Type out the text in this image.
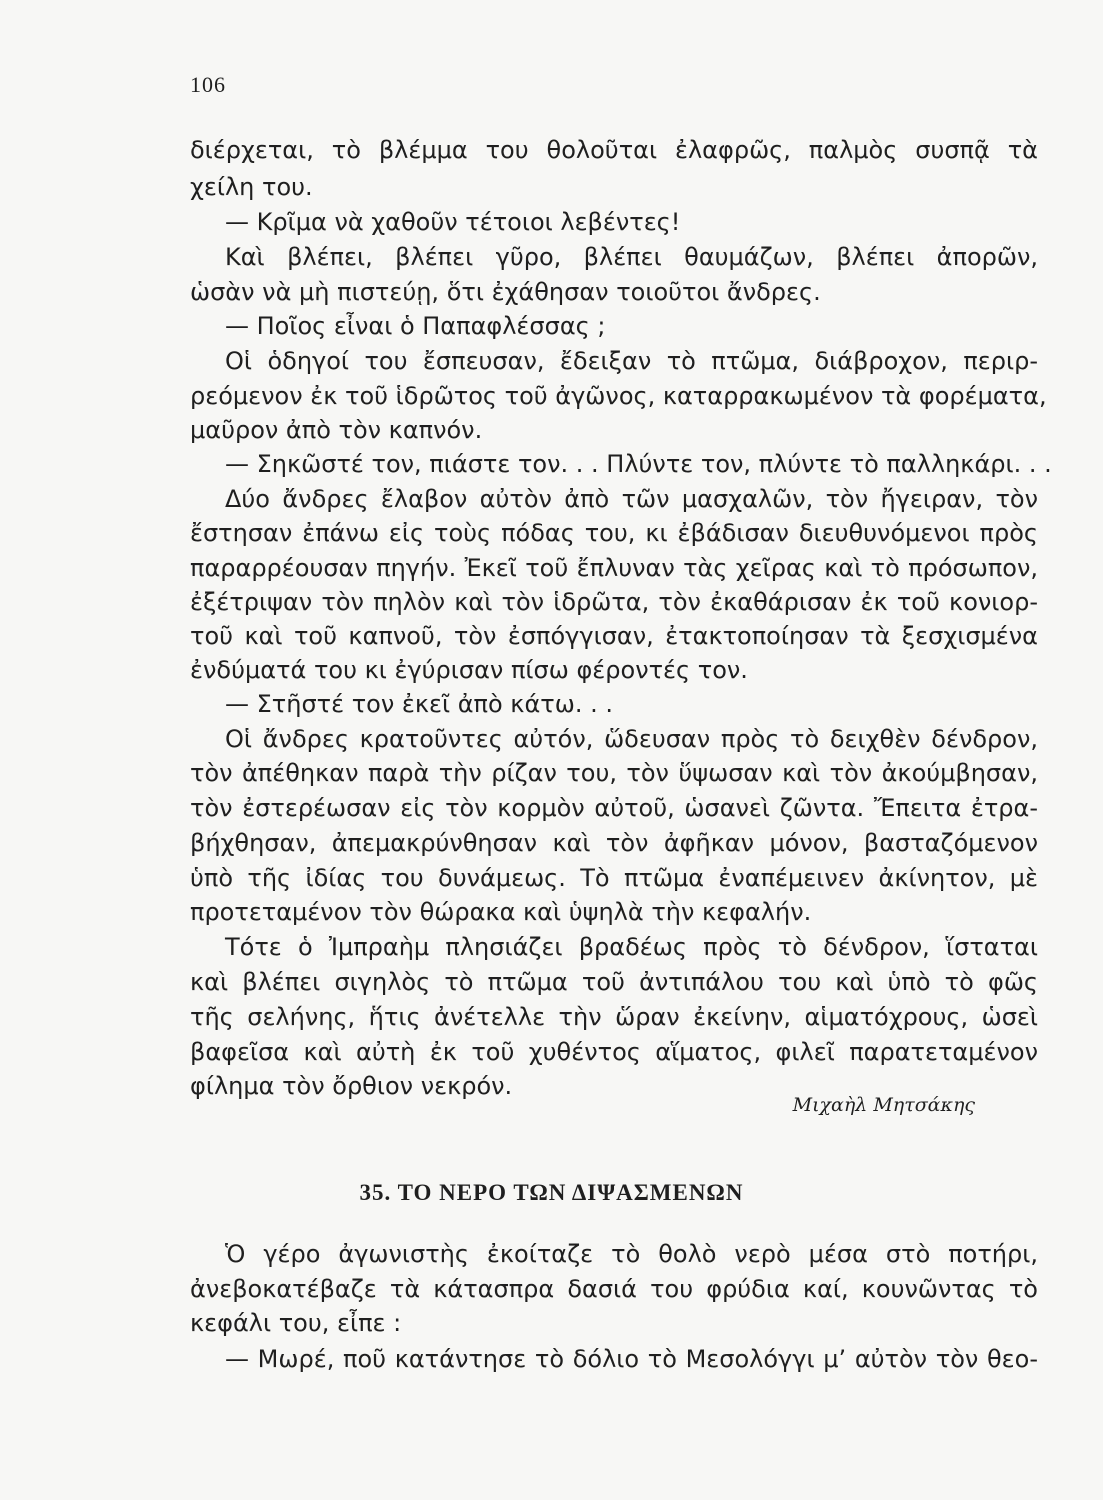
106
διέρχεται, τὸ βλέμμα του θολοῦται ἐλαφρῶς, παλμὸς συσπᾷ τὰ
χείλη του.
— Κρῖμα νὰ χαθοῦν τέτοιοι λεβέντες!
Καὶ βλέπει, βλέπει γῦρο, βλέπει θαυμάζων, βλέπει ἀπορῶν,
ὡσὰν νὰ μὴ πιστεύῃ, ὅτι ἐχάθησαν τοιοῦτοι ἄνδρες.
— Ποῖος εἶναι ὁ Παπαφλέσσας ;
Οἱ ὁδηγοί του ἔσπευσαν, ἔδειξαν τὸ πτῶμα, διάβροχον, περιρ-
ρεόμενον ἐκ τοῦ ἱδρῶτος τοῦ ἀγῶνος, καταρρακωμένον τὰ φορέματα,
μαῦρον ἀπὸ τὸν καπνόν.
— Σηκῶστέ τον, πιάστε τον. . . Πλύντε τον, πλύντε τὸ παλληκάρι. . .
Δύο ἄνδρες ἔλαβον αὐτὸν ἀπὸ τῶν μασχαλῶν, τὸν ἤγειραν, τὸν
ἔστησαν ἐπάνω εἰς τοὺς πόδας του, κι ἐβάδισαν διευθυνόμενοι πρὸς
παραρρέουσαν πηγήν. Ἐκεῖ τοῦ ἔπλυναν τὰς χεῖρας καὶ τὸ πρόσωπον,
ἐξέτριψαν τὸν πηλὸν καὶ τὸν ἱδρῶτα, τὸν ἐκαθάρισαν ἐκ τοῦ κονιορ-
τοῦ καὶ τοῦ καπνοῦ, τὸν ἐσπόγγισαν, ἐτακτοποίησαν τὰ ξεσχισμένα
ἐνδύματά του κι ἐγύρισαν πίσω φέροντές τον.
— Στῆστέ τον ἐκεῖ ἀπὸ κάτω. . .
Οἱ ἄνδρες κρατοῦντες αὐτόν, ὥδευσαν πρὸς τὸ δειχθὲν δένδρον,
τὸν ἀπέθηκαν παρὰ τὴν ρίζαν του, τὸν ὕψωσαν καὶ τὸν ἀκούμβησαν,
τὸν ἐστερέωσαν εἰς τὸν κορμὸν αὐτοῦ, ὡσανεὶ ζῶντα. Ἔπειτα ἐτρα-
βήχθησαν, ἀπεμακρύνθησαν καὶ τὸν ἀφῆκαν μόνον, βασταζόμενον
ὑπὸ τῆς ἰδίας του δυνάμεως. Τὸ πτῶμα ἐναπέμεινεν ἀκίνητον, μὲ
προτεταμένον τὸν θώρακα καὶ ὑψηλὰ τὴν κεφαλήν.
Τότε ὁ Ἰμπραὴμ πλησιάζει βραδέως πρὸς τὸ δένδρον, ἵσταται
καὶ βλέπει σιγηλὸς τὸ πτῶμα τοῦ ἀντιπάλου του καὶ ὑπὸ τὸ φῶς
τῆς σελήνης, ἥτις ἀνέτελλε τὴν ὥραν ἐκείνην, αἱματόχρους, ὡσεὶ
βαφεῖσα καὶ αὐτὴ ἐκ τοῦ χυθέντος αἵματος, φιλεῖ παρατεταμένον
φίλημα τὸν ὄρθιον νεκρόν.
Μιχαὴλ Μητσάκης
35. ΤΟ ΝΕΡΟ ΤΩΝ ΔΙΨΑΣΜΕΝΩΝ
Ὁ γέρο ἀγωνιστὴς ἐκοίταζε τὸ θολὸ νερὸ μέσα στὸ ποτήρι,
ἀνεβοκατέβαζε τὰ κάτασπρα δασιά του φρύδια καί, κουνῶντας τὸ
κεφάλι του, εἶπε :
— Μωρέ, ποῦ κατάντησε τὸ δόλιο τὸ Μεσολόγγι μ’ αὐτὸν τὸν θεο-
